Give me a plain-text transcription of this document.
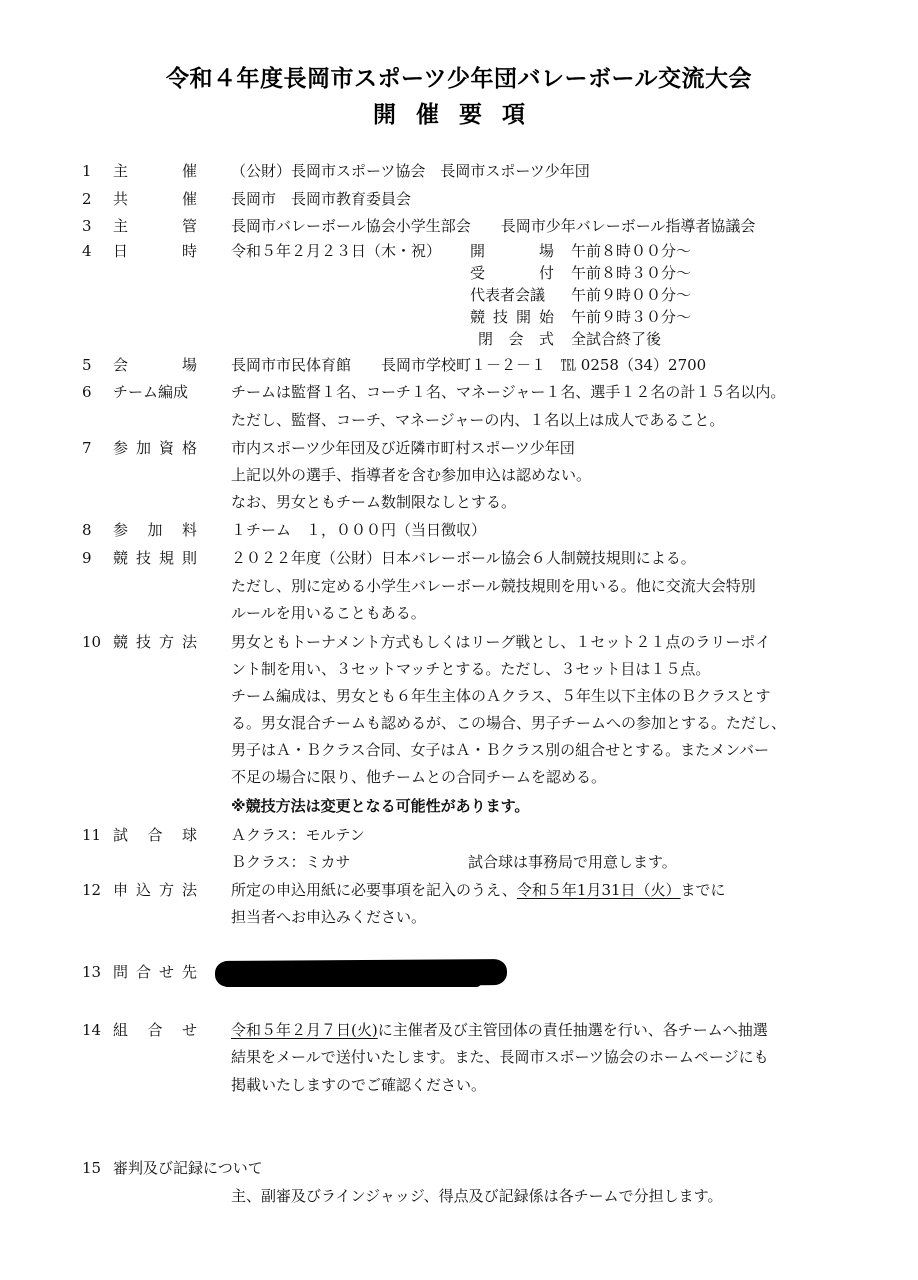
令和４年度長岡市スポーツ少年団バレーボール交流大会
開催要項
1 主	催 （公財）長岡市スポーツ協会　長岡市スポーツ少年団
2 共	催 長岡市　長岡市教育委員会
3 主	管 長岡市バレーボール協会小学生部会　　長岡市少年バレーボール指導者協議会
4 日	時 令和５年２月２３日（木・祝） 開	場 午前８時００分～
受	付 午前８時３０分～
代表者会議 午前９時００分～
競 技 開 始 午前９時３０分～
閉 会 式 全試合終了後
5 会	場 長岡市市民体育館　　長岡市学校町１－２－１　℡ 0258（34）2700
6 チーム編成	チームは監督１名、コーチ１名、マネージャー１名、選手１２名の計１５名以内。
ただし、監督、コーチ、マネージャーの内、１名以上は成人であること。
7 参 加 資 格 市内スポーツ少年団及び近隣市町村スポーツ少年団
上記以外の選手、指導者を含む参加申込は認めない。
なお、男女ともチーム数制限なしとする。
8 参 加 料 １チーム　１，０００円（当日徴収）
9 競 技 規 則 ２０２２年度（公財）日本バレーボール協会６人制競技規則による。
ただし、別に定める小学生バレーボール競技規則を用いる。他に交流大会特別
ルールを用いることもある。
10 競 技 方 法 男女ともトーナメント方式もしくはリーグ戦とし、１セット２１点のラリーポイ
ント制を用い、３セットマッチとする。ただし、３セット目は１５点。
チーム編成は、男女とも６年生主体のＡクラス、５年生以下主体のＢクラスとす
る。男女混合チームも認めるが、この場合、男子チームへの参加とする。ただし、
男子はＡ・Ｂクラス合同、女子はＡ・Ｂクラス別の組合せとする。またメンバー
不足の場合に限り、他チームとの合同チームを認める。
※競技方法は変更となる可能性があります。
11 試 合 球 Ａクラス：モルテン
Ｂクラス：ミカサ	試合球は事務局で用意します。
12 申 込 方 法 所定の申込用紙に必要事項を記入のうえ、令和５年1月31日（火）までに
担当者へお申込みください。
13 問 合 せ 先
14 組 合 せ 令和５年２月７日(火)に主催者及び主管団体の責任抽選を行い、各チームへ抽選
結果をメールで送付いたします。また、長岡市スポーツ協会のホームページにも
掲載いたしますのでご確認ください。
15 審判及び記録について
主、副審及びラインジャッジ、得点及び記録係は各チームで分担します。
